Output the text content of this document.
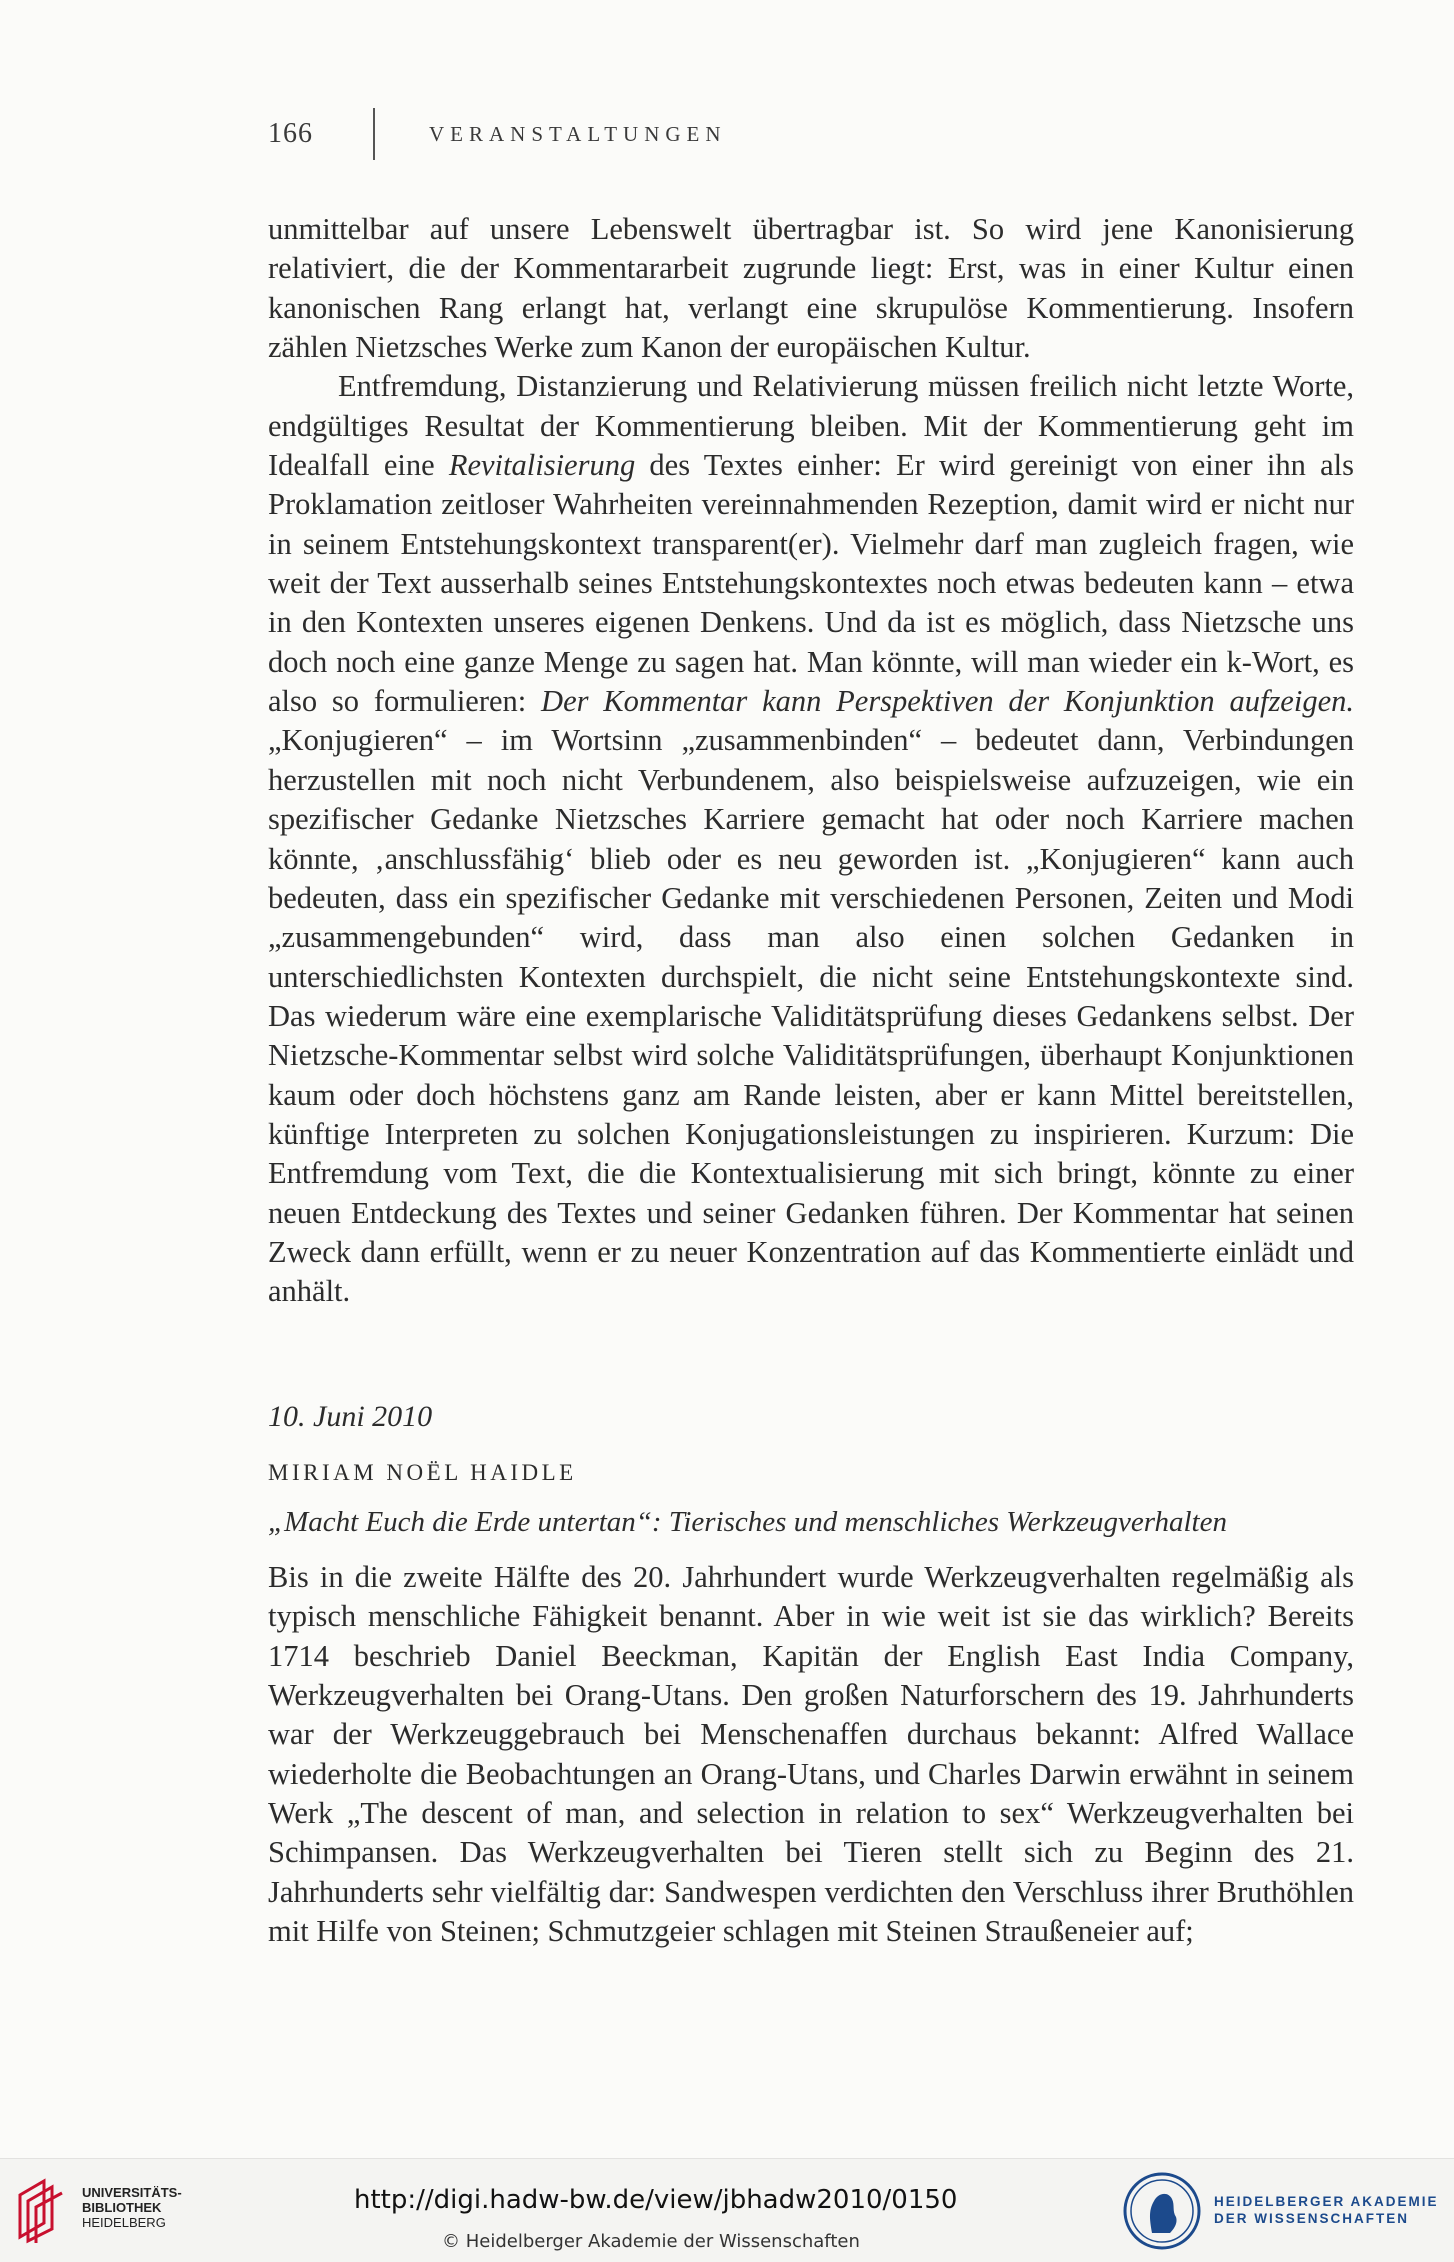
166	VERANSTALTUNGEN

unmittelbar auf unsere Lebenswelt übertragbar ist. So wird jene Kanonisierung relativiert, die der Kommentararbeit zugrunde liegt: Erst, was in einer Kultur einen kanonischen Rang erlangt hat, verlangt eine skrupulöse Kommentierung. Insofern zählen Nietzsches Werke zum Kanon der europäischen Kultur.

Entfremdung, Distanzierung und Relativierung müssen freilich nicht letzte Worte, endgültiges Resultat der Kommentierung bleiben. Mit der Kommentierung geht im Idealfall eine Revitalisierung des Textes einher: Er wird gereinigt von einer ihn als Proklamation zeitloser Wahrheiten vereinnahmenden Rezeption, damit wird er nicht nur in seinem Entstehungskontext transparent(er). Vielmehr darf man zugleich fragen, wie weit der Text ausserhalb seines Entstehungskontextes noch etwas bedeuten kann – etwa in den Kontexten unseres eigenen Denkens. Und da ist es möglich, dass Nietzsche uns doch noch eine ganze Menge zu sagen hat. Man könnte, will man wieder ein k-Wort, es also so formulieren: Der Kommentar kann Perspektiven der Konjunktion aufzeigen. „Konjugieren“ – im Wortsinn „zusammenbinden“ – bedeutet dann, Verbindungen herzustellen mit noch nicht Verbundenem, also beispielsweise aufzuzeigen, wie ein spezifischer Gedanke Nietzsches Karriere gemacht hat oder noch Karriere machen könnte, ‚anschlussfähig‘ blieb oder es neu geworden ist. „Konjugieren“ kann auch bedeuten, dass ein spezifischer Gedanke mit verschiedenen Personen, Zeiten und Modi „zusammengebunden“ wird, dass man also einen solchen Gedanken in unterschiedlichsten Kontexten durchspielt, die nicht seine Entstehungskontexte sind. Das wiederum wäre eine exemplarische Validitätsprüfung dieses Gedankens selbst. Der Nietzsche-Kommentar selbst wird solche Validitätsprüfungen, überhaupt Konjunktionen kaum oder doch höchstens ganz am Rande leisten, aber er kann Mittel bereitstellen, künftige Interpreten zu solchen Konjugationsleistungen zu inspirieren. Kurzum: Die Entfremdung vom Text, die die Kontextualisierung mit sich bringt, könnte zu einer neuen Entdeckung des Textes und seiner Gedanken führen. Der Kommentar hat seinen Zweck dann erfüllt, wenn er zu neuer Konzentration auf das Kommentierte einlädt und anhält.

10. Juni 2010
MIRIAM NOËL HAIDLE
„Macht Euch die Erde untertan“: Tierisches und menschliches Werkzeugverhalten

Bis in die zweite Hälfte des 20. Jahrhundert wurde Werkzeugverhalten regelmäßig als typisch menschliche Fähigkeit benannt. Aber in wie weit ist sie das wirklich? Bereits 1714 beschrieb Daniel Beeckman, Kapitän der English East India Company, Werkzeugverhalten bei Orang-Utans. Den großen Naturforschern des 19. Jahrhunderts war der Werkzeuggebrauch bei Menschenaffen durchaus bekannt: Alfred Wallace wiederholte die Beobachtungen an Orang-Utans, und Charles Darwin erwähnt in seinem Werk „The descent of man, and selection in relation to sex“ Werkzeugverhalten bei Schimpansen. Das Werkzeugverhalten bei Tieren stellt sich zu Beginn des 21. Jahrhunderts sehr vielfältig dar: Sandwespen verdichten den Verschluss ihrer Bruthöhlen mit Hilfe von Steinen; Schmutzgeier schlagen mit Steinen Straußeneier auf;

UNIVERSITÄTS-
BIBLIOTHEK
HEIDELBERG
http://digi.hadw-bw.de/view/jbhadw2010/0150
© Heidelberger Akademie der Wissenschaften
HEIDELBERGER AKADEMIE
DER WISSENSCHAFTEN
